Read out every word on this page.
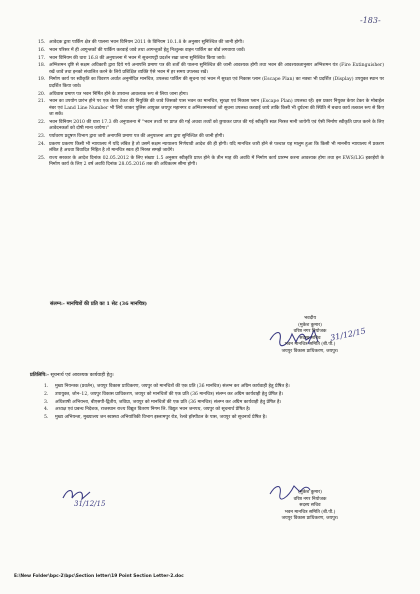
-183-
15. आवेदक द्वारा पार्किंग क्षेत्र की पालना भवन विनियम 2011 के विनियम 10.1.8 के अनुसार सुनिश्चित की जानी होगी।
16. भवन परिसर में ही आगुन्तकों की पार्किंग करवाई जावे तथा आगन्तुकों हेतु निःशुल्क वाहन पार्किंग का बोर्ड लगवाया जावें।
17. भवन विनियम की धारा 16.8 की अनुपालना में भवन में सूचनापट्टी प्रदर्शन रखा जाना सुनिश्चित किया जावे।
18. अग्निशमन दृष्टि से सक्षम अधिकारी द्वारा दिये गये अनापत्ति प्रमाण पत्र की शर्तों की पालना सुनिश्चित की जानी आवश्यक होगी तथा भवन की आवश्यकतानुसार अग्निशमन यंत्र (Fire Extinguisher) रखें जावें तथा इनको संचालित करने के लिये प्रशिक्षित व्यक्ति ऐसे भवन में हर समय उपलब्ध रखें।
19. निर्माण कार्य पर स्वीकृति का विवरण अर्थात अनुमोदित मानचित्र, उपलब्ध पार्किंग की सूचना एवं भवन में सुरक्षा एवं निकास प्लान (Escape Plan) का नक्शा भी प्रदर्शित (Display) उपयुक्त स्थान पर प्रदर्शित किया जावे।
20. अधिवास प्रमाण पत्र भवन निर्मित होने के उपरान्त आवश्यक रूप से लिया जाना होगा।
21. भवन का उपयोग प्रारंभ होने पर एक केयर टेकर की नियुक्ति की जावे जिसको पास भवन का मानचित्र, सुरक्षा एवं निकास प्लान (Escape Plan) उपलब्ध रहें। इस प्रकार नियुक्त केयर टेकर के मोबाईल नंबर एवं Land Line Number भी लिये जाकर पुलिस आयुक्त जयपुर महानगर व अग्निशमनकर्ता जो सूचना उपलब्ध करवाई जाये ताकि किसी भी दुर्घटना की स्थिति में बचाव कार्य तत्काल रूप से किए जा सकें।
22. भवन विनियम 2010 की धारा 17.3 की अनुपालना में "भवन तथ्यों पर प्राप्त की गई अथवा तथ्यों को छुपाकर प्राप्त की गई स्वीकृति स्वत निरस्त मानी जायेगी एवं ऐसी निर्माण स्वीकृति प्राप्त करने के लिए आवेदनकर्ता को दोषी माना जायेगा।"
23. पर्यावरण प्रदूषण विभाग द्वारा जारी अनापत्ति प्रमाण पत्र की अनुपालना आप द्वारा सुनिश्चित की जानी होगी।
24. प्रकरण प्रकरण किसी भी न्यायालय में यदि लंबित है तो उसमें सक्षम न्यायालय निर्णयावी आदेश की ही होगी। यदि मानचित्र जारी होने से पश्चात यह मालुम हुआ कि किसी भी माननीय न्यायालय में प्रकरण लंबित है अथवा विवादित निहित है तो मानचित्र स्वतः ही निरस्त समझे जावेंगे।
25. राज्य सरकार के आदेश दिनांक 02.05.2012 के लिए संख्या 1.5 अनुसार स्वीकृति प्राप्त होने के तीन माह की अवधि में निर्माण कार्य प्रारम्भ करना आवश्यक होगा तथा इन EWS/LIG इकाईयों के निर्माण कार्य के लिए 2 वर्ष अवधि दिनांक 28.05.2016 तक की अधिकतम सीमा होगी।
संलग्न:- मानचित्रों की प्रति का 1 सेट (36 मानचित्र)
31/12/15
भवदीय
(मुकेश कुमार)
वरिष्ठ नगर नियोजक
सदस्य सचिव
भवन मानचित्र समिति (बी.पी.)
जयपुर विकास प्राधिकरण, जयपुर।
प्रतिलिपि:- सूचनार्थ एवं आवश्यक कार्यवाही हेतु।
1.	मुख्य नियन्त्रक (प्रवर्तन), जयपुर विकास प्राधिकरण, जयपुर को मानचित्रों की एक प्रति (36 मानचित्र) संलग्न कर अग्रिम कार्यवाही हेतु प्रेषित है।
2.	उपायुक्त, जोन–12, जयपुर विकास प्राधिकरण, जयपुर को मानचित्रों की एक प्रति (36 मानचित्र) संलग्न कर अग्रिम कार्यवाही हेतु प्रेषित है।
3.	अधिशाषी अभियन्ता, बीएसपी-द्वितीय, जविप्रा, जयपुर को मानचित्रों की एक प्रति (36 मानचित्र) संलग्न कर अग्रिम कार्यवाही हेतु प्रेषित है।
4.	अध्यक्ष एवं प्रबन्ध निदेशक, राजस्थान राज्य विद्युत वितरण निगम लि. विद्युत भवन जनपथ, जयपुर को सूचनार्थ प्रेषित है।
5.	मुख्य अभियन्ता, मुख्यालय जन स्वास्थ्य अभियांत्रिकी विभाग इस्लामपुर रोड, रेलवे हॉस्पीटल के पास, जयपुर को सूचनार्थ प्रेषित है।
31/12/15
(मुकेश कुमार)
वरिष्ठ नगर नियोजक
सदस्य सचिव
भवन मानचित्र समिति (बी.पी.)
जयपुर विकास प्राधिकरण, जयपुर।
E:\New Folder\bpc-2\bpc\Section letter\19 Point Section Letter-2.doc
